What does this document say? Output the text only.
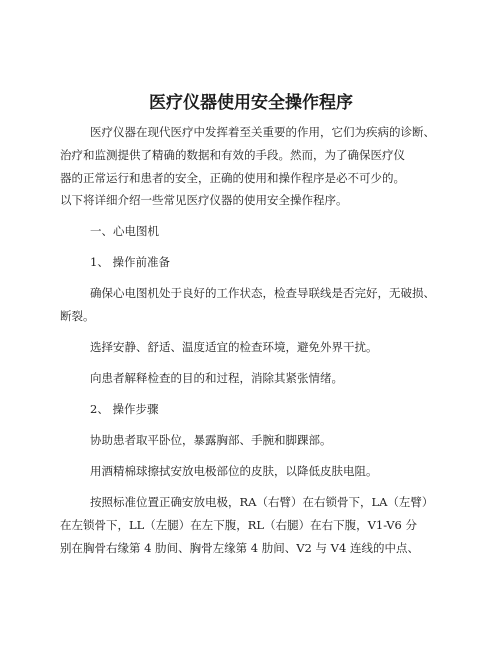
医疗仪器使用安全操作程序

医疗仪器在现代医疗中发挥着至关重要的作用，它们为疾病的诊断、

治疗和监测提供了精确的数据和有效的手段。然而，为了确保医疗仪

器的正常运行和患者的安全，正确的使用和操作程序是必不可少的。

以下将详细介绍一些常见医疗仪器的使用安全操作程序。

一、心电图机

1、 操作前准备

确保心电图机处于良好的工作状态，检查导联线是否完好，无破损、

断裂。

选择安静、舒适、温度适宜的检查环境，避免外界干扰。

向患者解释检查的目的和过程，消除其紧张情绪。

2、 操作步骤

协助患者取平卧位，暴露胸部、手腕和脚踝部。

用酒精棉球擦拭安放电极部位的皮肤，以降低皮肤电阻。

按照标准位置正确安放电极，RA（右臂）在右锁骨下，LA（左臂）

在左锁骨下，LL（左腿）在左下腹，RL（右腿）在右下腹，V1-V6 分

别在胸骨右缘第 4 肋间、胸骨左缘第 4 肋间、V2 与 V4 连线的中点、
